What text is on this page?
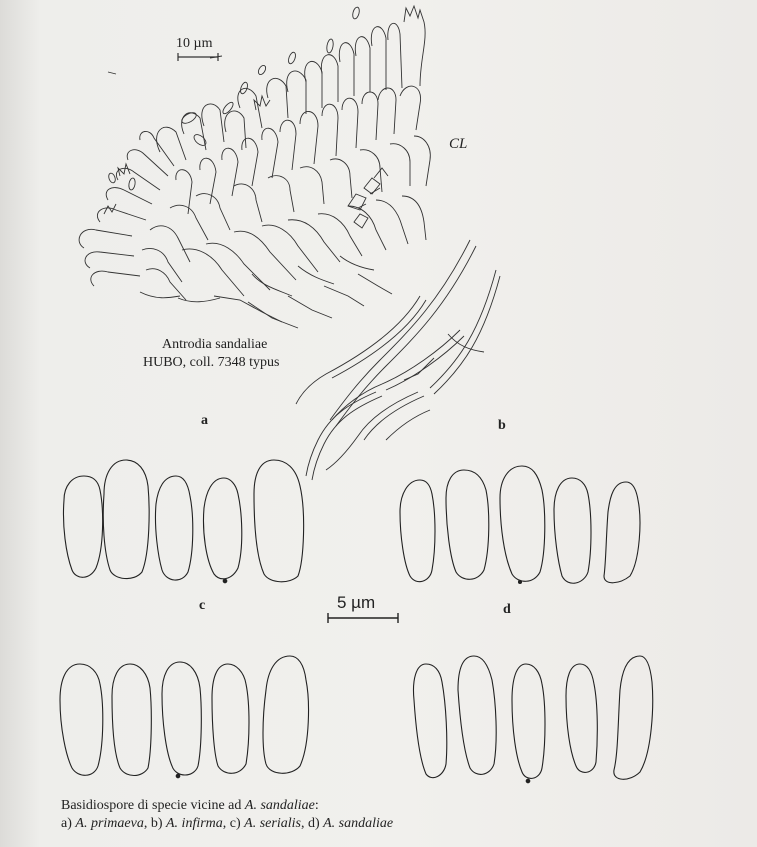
10 µm
CL
Antrodia sandaliae
HUBO, coll. 7348 typus
a	b
c	d
5 µm
Basidiospore di specie vicine ad A. sandaliae:
a) A. primaeva, b) A. infirma, c) A. serialis, d) A. sandaliae
